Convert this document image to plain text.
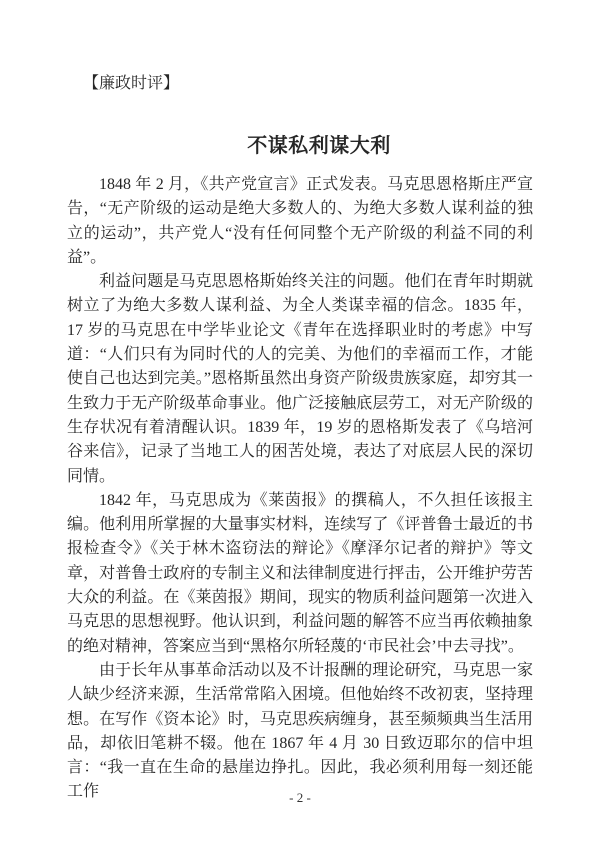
【廉政时评】
不谋私利谋大利

1848 年 2 月，《共产党宣言》正式发表。马克思恩格斯庄严宣告，“无产阶级的运动是绝大多数人的、为绝大多数人谋利益的独立的运动”，共产党人“没有任何同整个无产阶级的利益不同的利益”。

利益问题是马克思恩格斯始终关注的问题。他们在青年时期就树立了为绝大多数人谋利益、为全人类谋幸福的信念。1835 年，17 岁的马克思在中学毕业论文《青年在选择职业时的考虑》中写道：“人们只有为同时代的人的完美、为他们的幸福而工作，才能使自己也达到完美。”恩格斯虽然出身资产阶级贵族家庭，却穷其一生致力于无产阶级革命事业。他广泛接触底层劳工，对无产阶级的生存状况有着清醒认识。1839 年，19 岁的恩格斯发表了《乌培河谷来信》，记录了当地工人的困苦处境，表达了对底层人民的深切同情。

1842 年，马克思成为《莱茵报》的撰稿人，不久担任该报主编。他利用所掌握的大量事实材料，连续写了《评普鲁士最近的书报检查令》《关于林木盗窃法的辩论》《摩泽尔记者的辩护》等文章，对普鲁士政府的专制主义和法律制度进行抨击，公开维护劳苦大众的利益。在《莱茵报》期间，现实的物质利益问题第一次进入马克思的思想视野。他认识到，利益问题的解答不应当再依赖抽象的绝对精神，答案应当到“黑格尔所轻蔑的‘市民社会’中去寻找”。

由于长年从事革命活动以及不计报酬的理论研究，马克思一家人缺少经济来源，生活常常陷入困境。但他始终不改初衷，坚持理想。在写作《资本论》时，马克思疾病缠身，甚至频频典当生活用品，却依旧笔耕不辍。他在 1867 年 4 月 30 日致迈耶尔的信中坦言：“我一直在生命的悬崖边挣扎。因此，我必须利用每一刻还能工作	- 2 -
